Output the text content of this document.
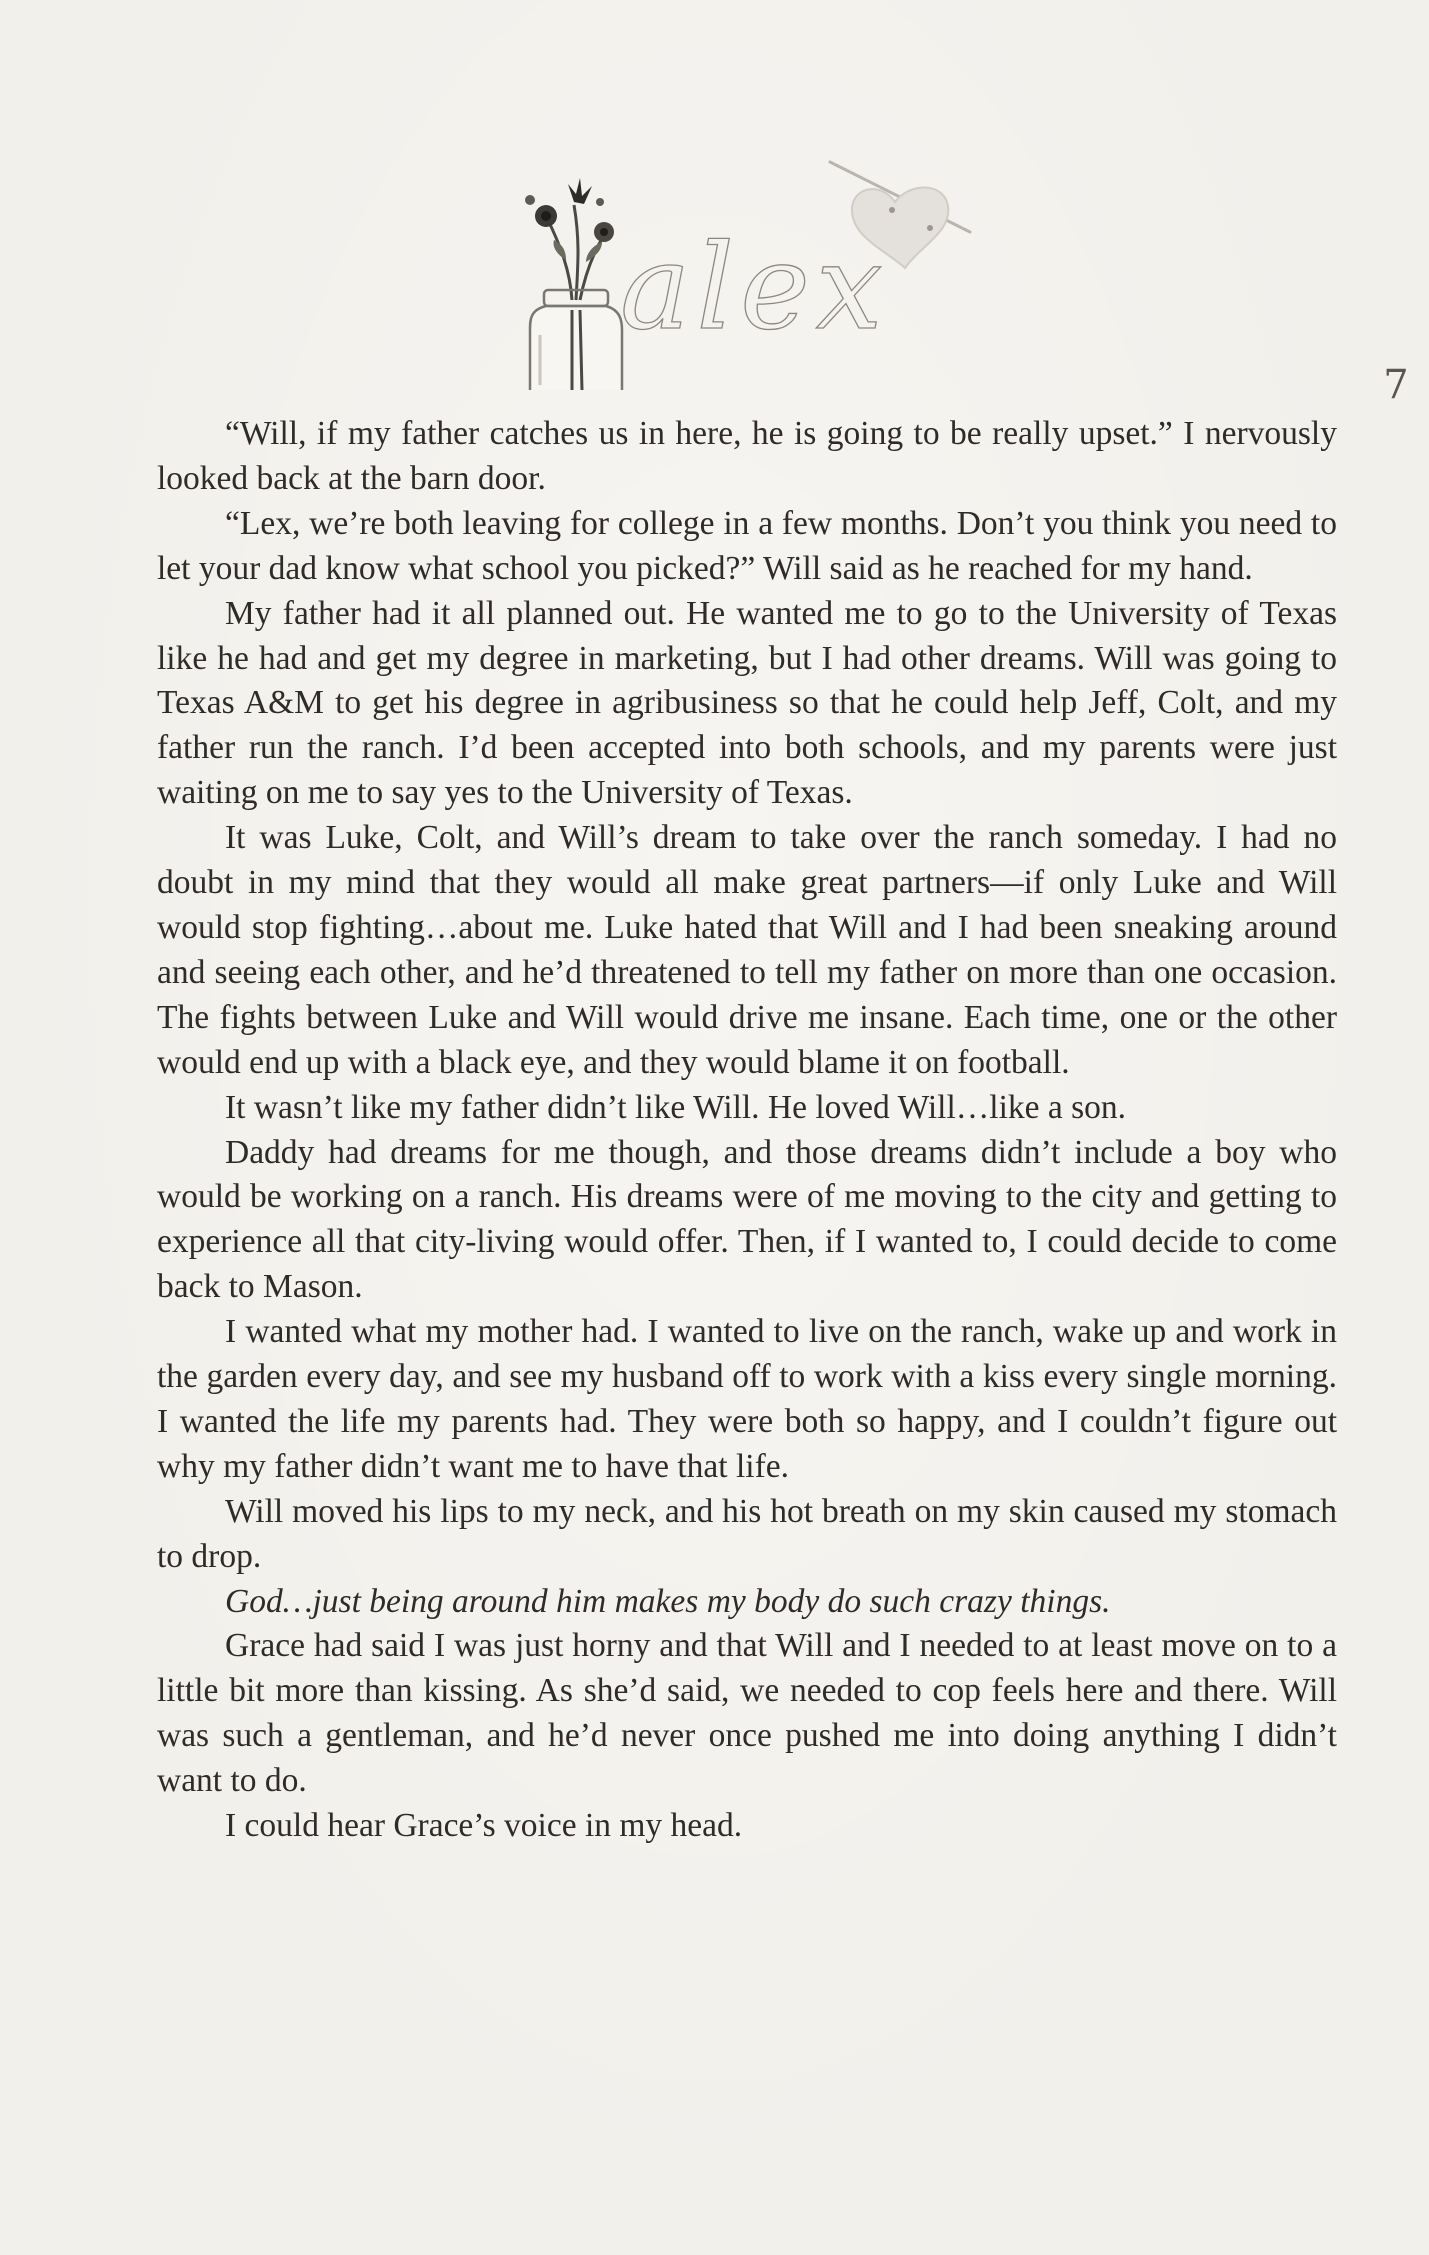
7
alex

“Will, if my father catches us in here, he is going to be really upset.” I nervously looked back at the barn door.

“Lex, we’re both leaving for college in a few months. Don’t you think you need to let your dad know what school you picked?” Will said as he reached for my hand.

My father had it all planned out. He wanted me to go to the University of Texas like he had and get my degree in marketing, but I had other dreams. Will was going to Texas A&M to get his degree in agribusiness so that he could help Jeff, Colt, and my father run the ranch. I’d been accepted into both schools, and my parents were just waiting on me to say yes to the University of Texas.

It was Luke, Colt, and Will’s dream to take over the ranch someday. I had no doubt in my mind that they would all make great partners—if only Luke and Will would stop fighting…about me. Luke hated that Will and I had been sneaking around and seeing each other, and he’d threatened to tell my father on more than one occasion. The fights between Luke and Will would drive me insane. Each time, one or the other would end up with a black eye, and they would blame it on football.

It wasn’t like my father didn’t like Will. He loved Will…like a son.

Daddy had dreams for me though, and those dreams didn’t include a boy who would be working on a ranch. His dreams were of me moving to the city and getting to experience all that city-living would offer. Then, if I wanted to, I could decide to come back to Mason.

I wanted what my mother had. I wanted to live on the ranch, wake up and work in the garden every day, and see my husband off to work with a kiss every single morning. I wanted the life my parents had. They were both so happy, and I couldn’t figure out why my father didn’t want me to have that life.

Will moved his lips to my neck, and his hot breath on my skin caused my stomach to drop.

God…just being around him makes my body do such crazy things.

Grace had said I was just horny and that Will and I needed to at least move on to a little bit more than kissing. As she’d said, we needed to cop feels here and there. Will was such a gentleman, and he’d never once pushed me into doing anything I didn’t want to do.

I could hear Grace’s voice in my head.
